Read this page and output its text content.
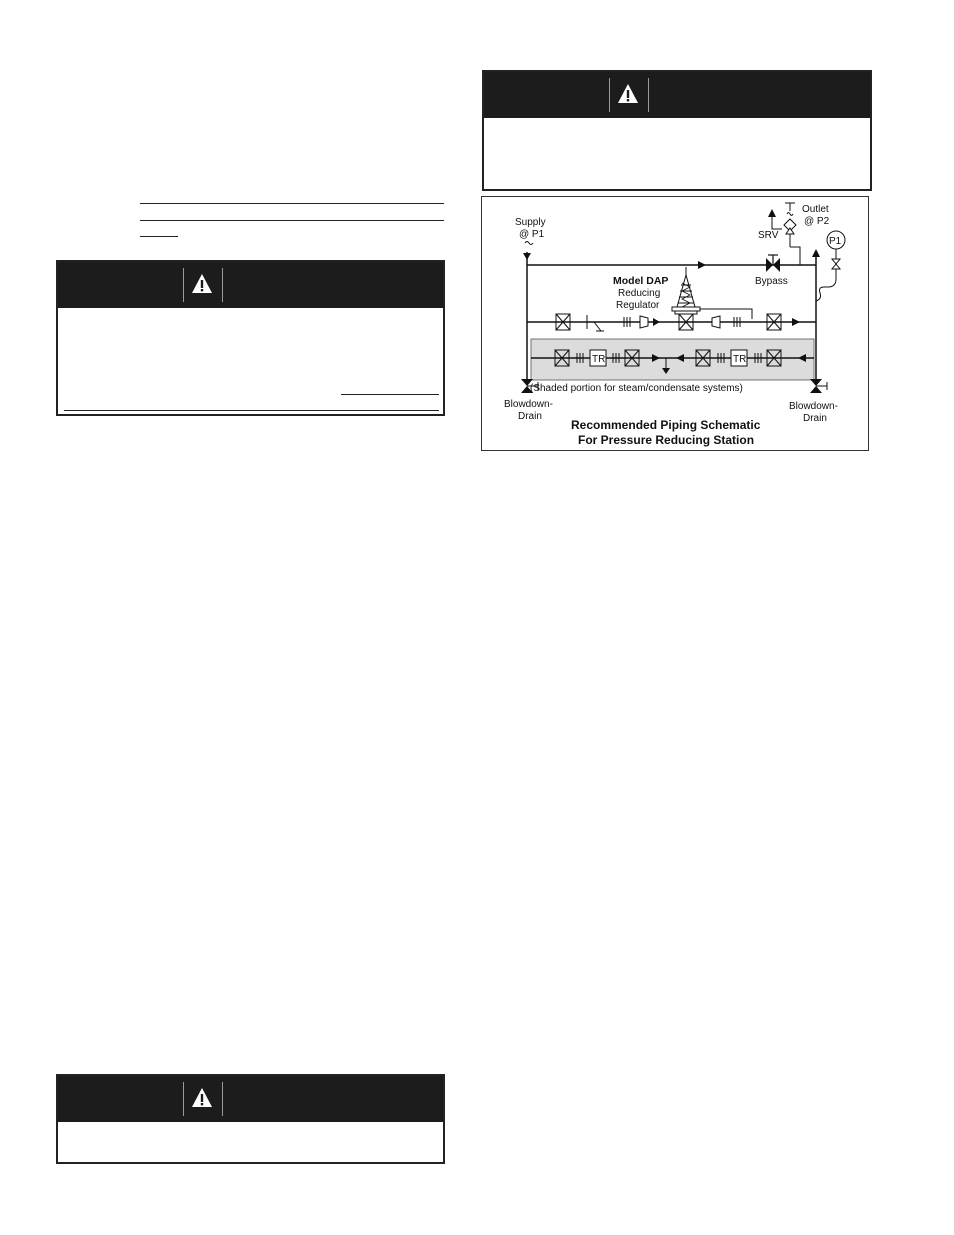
TR	TR
P1
Supply
@ P1
Outlet
@ P2
SRV
Bypass
Model DAP
Reducing
Regulator
(Shaded portion for steam/condensate systems)
Blowdown-
Drain
Blowdown-
Drain
Recommended Piping Schematic
For Pressure Reducing Station
